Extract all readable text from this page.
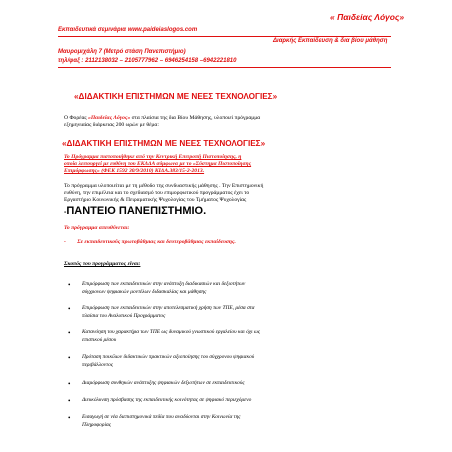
« Παιδείας Λόγος»
Εκπαιδευτικά σεμινάρια www.paideiaslogos.com
Διαρκής Εκπαίδευση & δια βίου μάθηση
Μαυρομιχάλη 7 (Μετρό στάση Πανεπιστήμιο)
τηλ/φαξ : 2112138032 – 2105777962 – 6946254158 –6942221810
«ΔΙΔΑΚΤΙΚΗ ΕΠΙΣΤΗΜΩΝ ΜΕ ΝΕΕΣ ΤΕΧΝΟΛΟΓΙΕΣ»
Ο Φορέας «Παιδείας Λόγος» στα πλαίσια της δια Βίου Μάθησης, υλοποιεί πρόγραμμα
εξημηνιαίας διάρκειας 200 ωρών με θέμα:
«ΔΙΔΑΚΤΙΚΗ ΕΠΙΣΤΗΜΩΝ ΜΕ ΝΕΕΣ ΤΕΧΝΟΛΟΓΙΕΣ»
Το Πρόγραμμα πιστοποιήθηκε από την Κεντρική Επιτροπή Πιστοποίησης, η
οποία λειτουργεί με ευθύνη του ΕΚΔΔΑ σύμφωνα με το «Σύστημα Πιστοποίησης
Επιμόρφωσης» (ΦΕΚ 1592 30/9/2010) ΚΙΔΑ.383/15-2-2013.
Το πρόγραμμα υλοποιείται με τη μέθοδο της συνδυαστικής μάθησης . Την Επιστημονική
ευθύνη, την επιμέλεια και το σχεδιασμό του επιμορφωτικού προγράμματος έχει το
Εργαστήριο Κοινωνικής & Πειραματικής Ψυχολογίας του Τμήματος Ψυχολογίας
-ΠΑΝΤΕΙΟ ΠΑΝΕΠΙΣΤΗΜΙΟ.
Το πρόγραμμα απευθύνεται:
- Σε εκπαιδευτικούς πρωτοβάθμιας και δευτεροβάθμιας εκπαίδευσης.
Σκοπός του προγράμματος είναι:
• Επιμόρφωση των εκπαιδευτικών στην ανάπτυξη διαδικασιών και δεξιοτήτων
σύγχρονων ψηφιακών μοντέλων διδασκαλίας και μάθησης
• Επιμόρφωση των εκπαιδευτικών στην αποτελεσματική χρήση των ΤΠΕ, μέσα στα
πλαίσια του Αναλυτικού Προγράμματος
• Κατανόηση του χαρακτήρα των ΤΠΕ ως δυναμικού γνωστικού εργαλείου και όχι ως
επιστικού μέσου
• Πρόταση ποικίλων διδακτικών πρακτικών αξιοποίησης του σύγχρονου ψηφιακού
περιβάλλοντος
• Διαμόρφωση συνθηκών ανάπτυξης ψηφιακών δεξιοτήτων σε εκπαιδευτικούς
• Διευκόλυνση πρόσβασης της εκπαιδευτικής κοινότητας σε ψηφιακό περιεχόμενο
• Εισαγωγή σε νέα διεπιστημονικά πεδία που αναδύονται στην Κοινωνία της
Πληροφορίας
